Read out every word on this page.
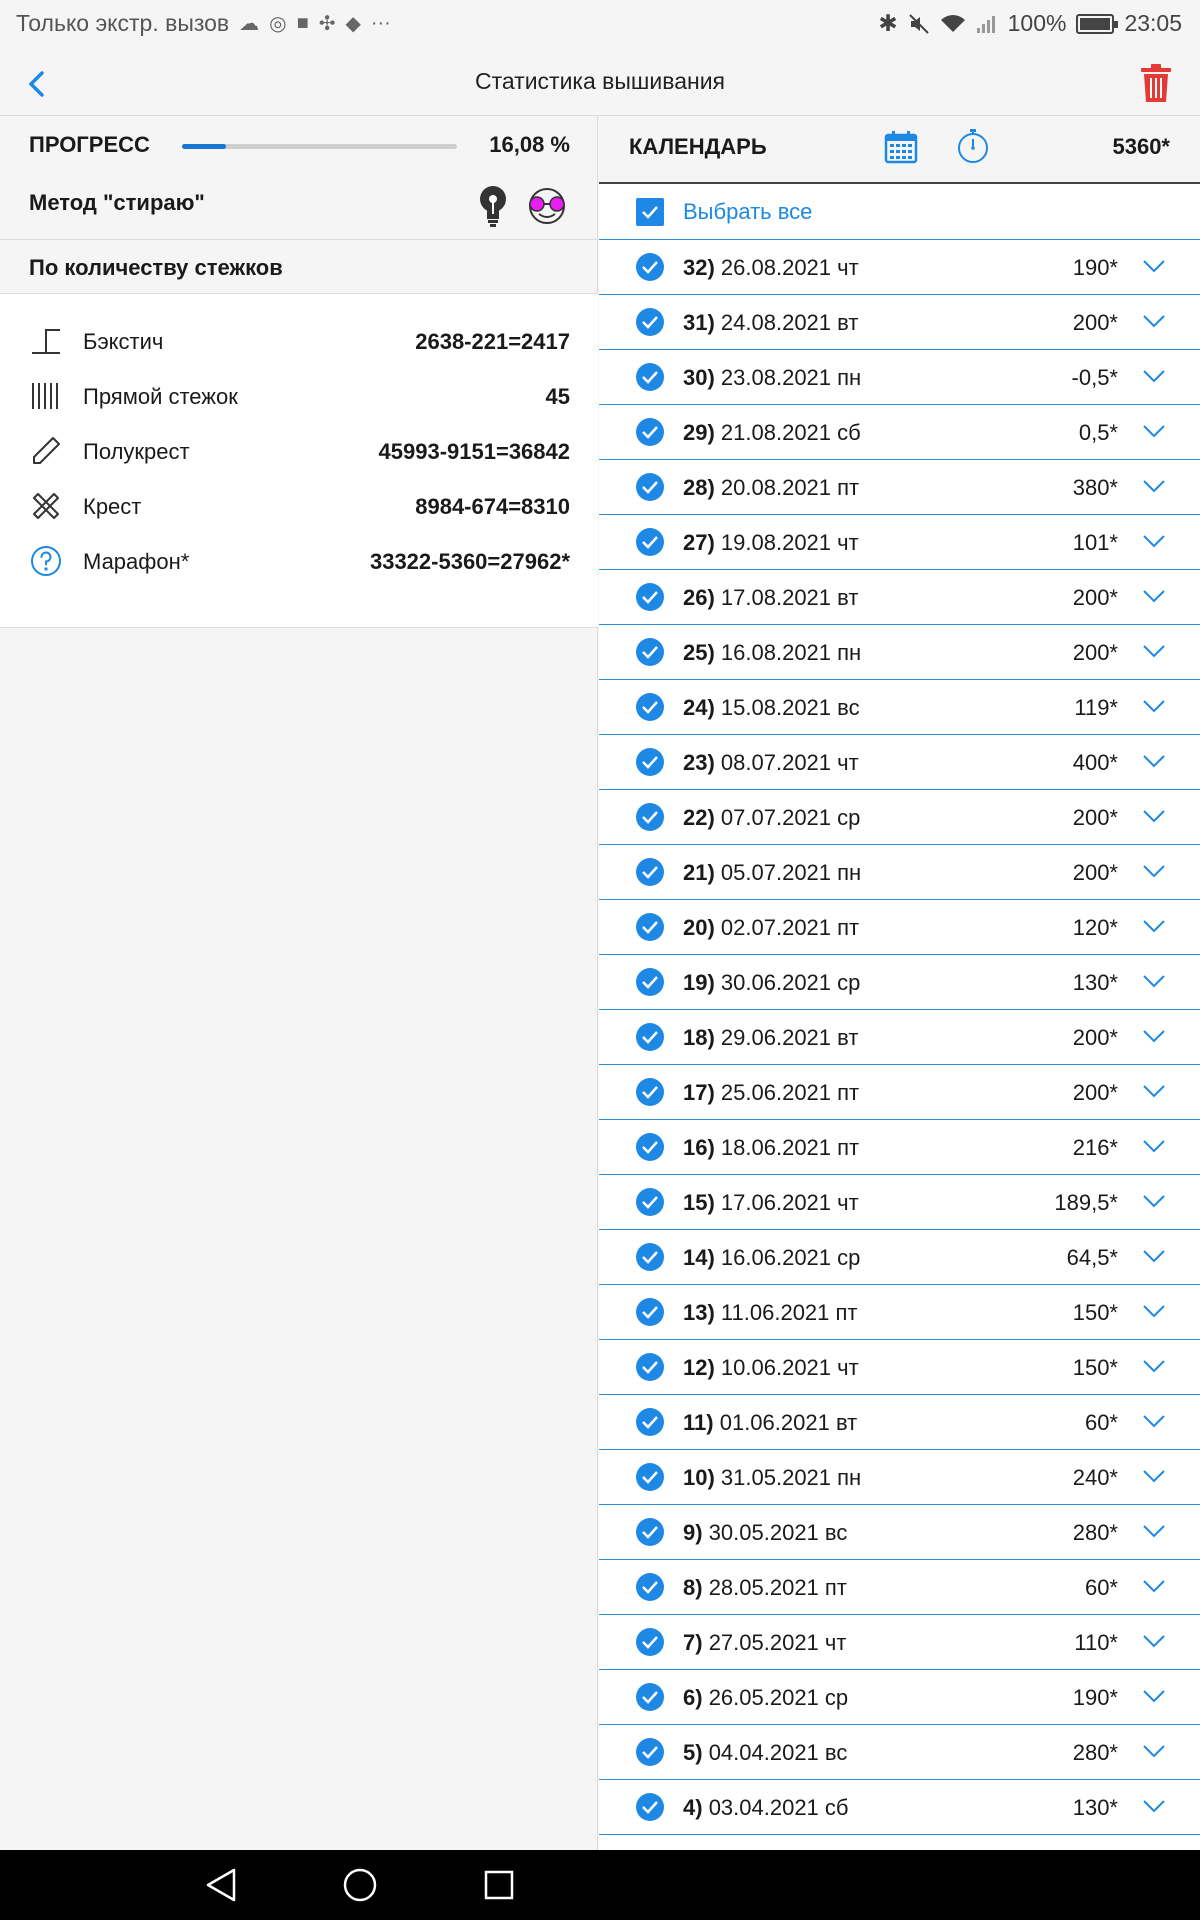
Только экстр. вызов ☁ ◎ ■ ✣ ◆ ···	✱	100%	23:05
Статистика вышивания
ПРОГРЕСС	16,08 %
Метод "стираю"
По количеству стежков
Бэкстич	2638-221=2417
Прямой стежок	45
Полукрест	45993-9151=36842
Крест	8984-674=8310
Марафон*	33322-5360=27962*
КАЛЕНДАРЬ	5360*
Выбрать все
32) 26.08.2021 чт	190*
31) 24.08.2021 вт	200*
30) 23.08.2021 пн	-0,5*
29) 21.08.2021 сб	0,5*
28) 20.08.2021 пт	380*
27) 19.08.2021 чт	101*
26) 17.08.2021 вт	200*
25) 16.08.2021 пн	200*
24) 15.08.2021 вс	119*
23) 08.07.2021 чт	400*
22) 07.07.2021 ср	200*
21) 05.07.2021 пн	200*
20) 02.07.2021 пт	120*
19) 30.06.2021 ср	130*
18) 29.06.2021 вт	200*
17) 25.06.2021 пт	200*
16) 18.06.2021 пт	216*
15) 17.06.2021 чт	189,5*
14) 16.06.2021 ср	64,5*
13) 11.06.2021 пт	150*
12) 10.06.2021 чт	150*
11) 01.06.2021 вт	60*
10) 31.05.2021 пн	240*
9) 30.05.2021 вс	280*
8) 28.05.2021 пт	60*
7) 27.05.2021 чт	110*
6) 26.05.2021 ср	190*
5) 04.04.2021 вс	280*
4) 03.04.2021 сб	130*
